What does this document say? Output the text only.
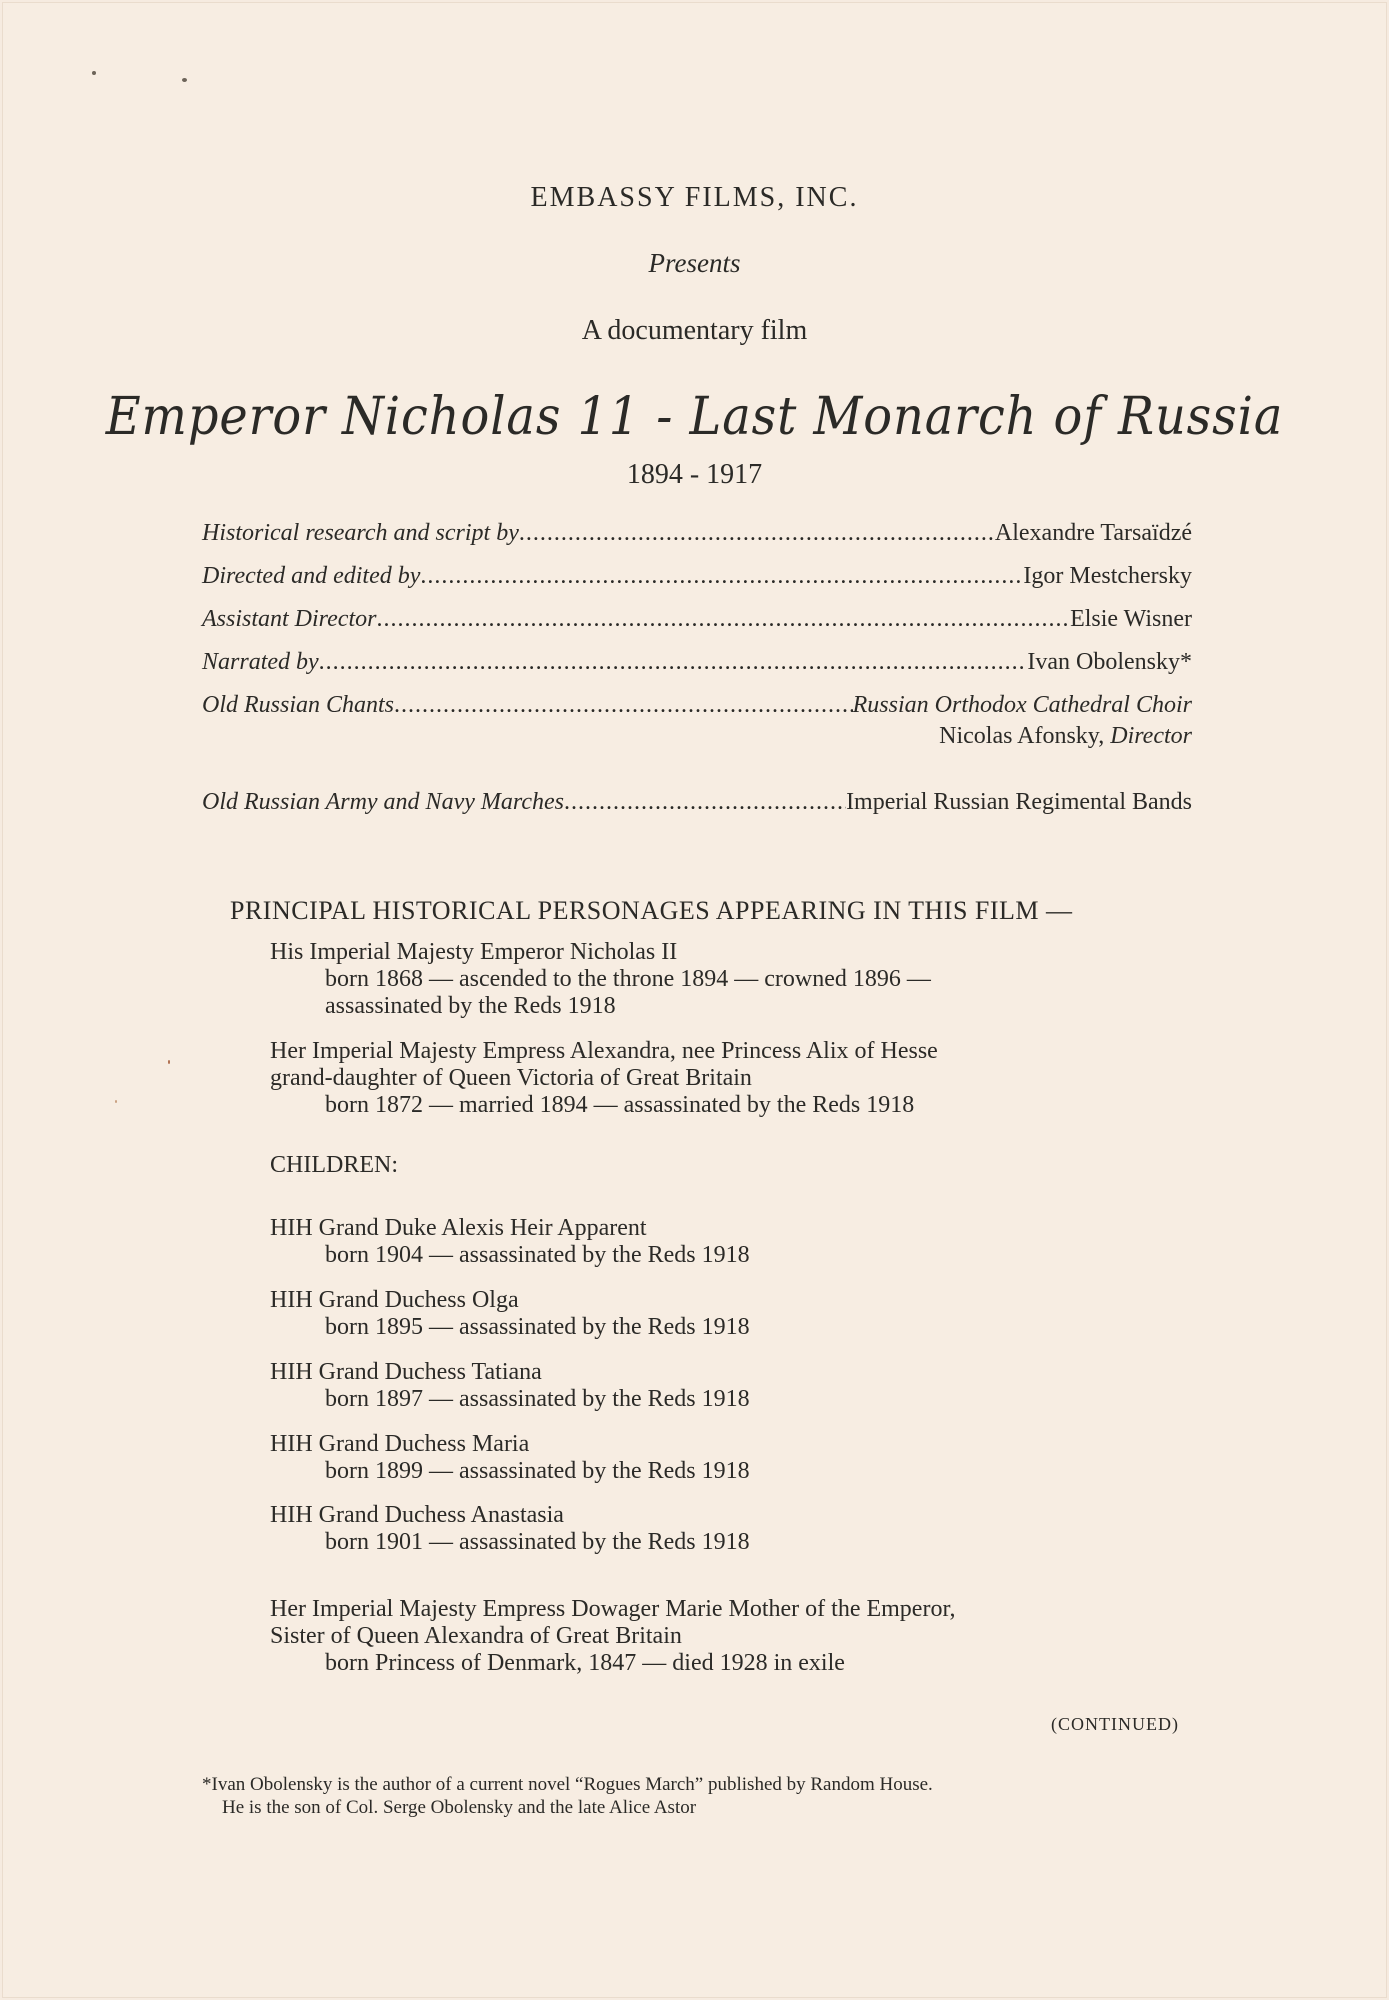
EMBASSY FILMS, INC.
Presents
A documentary film
Emperor Nicholas 11 - Last Monarch of Russia
1894 - 1917
Historical research and script by .....	Alexandre Tarsaïdzé
Directed and edited by .....	Igor Mestchersky
Assistant Director .....	Elsie Wisner
Narrated by .....	Ivan Obolensky*
Old Russian Chants .....	Russian Orthodox Cathedral Choir
Nicolas Afonsky, Director
Old Russian Army and Navy Marches .....	Imperial Russian Regimental Bands
PRINCIPAL HISTORICAL PERSONAGES APPEARING IN THIS FILM —
His Imperial Majesty Emperor Nicholas II
born 1868 — ascended to the throne 1894 — crowned 1896 —
assassinated by the Reds 1918
Her Imperial Majesty Empress Alexandra, nee Princess Alix of Hesse
grand-daughter of Queen Victoria of Great Britain
born 1872 — married 1894 — assassinated by the Reds 1918
CHILDREN:
HIH Grand Duke Alexis Heir Apparent
born 1904 — assassinated by the Reds 1918
HIH Grand Duchess Olga
born 1895 — assassinated by the Reds 1918
HIH Grand Duchess Tatiana
born 1897 — assassinated by the Reds 1918
HIH Grand Duchess Maria
born 1899 — assassinated by the Reds 1918
HIH Grand Duchess Anastasia
born 1901 — assassinated by the Reds 1918
Her Imperial Majesty Empress Dowager Marie Mother of the Emperor,
Sister of Queen Alexandra of Great Britain
born Princess of Denmark, 1847 — died 1928 in exile
(CONTINUED)
*Ivan Obolensky is the author of a current novel “Rogues March” published by Random House.
He is the son of Col. Serge Obolensky and the late Alice Astor
